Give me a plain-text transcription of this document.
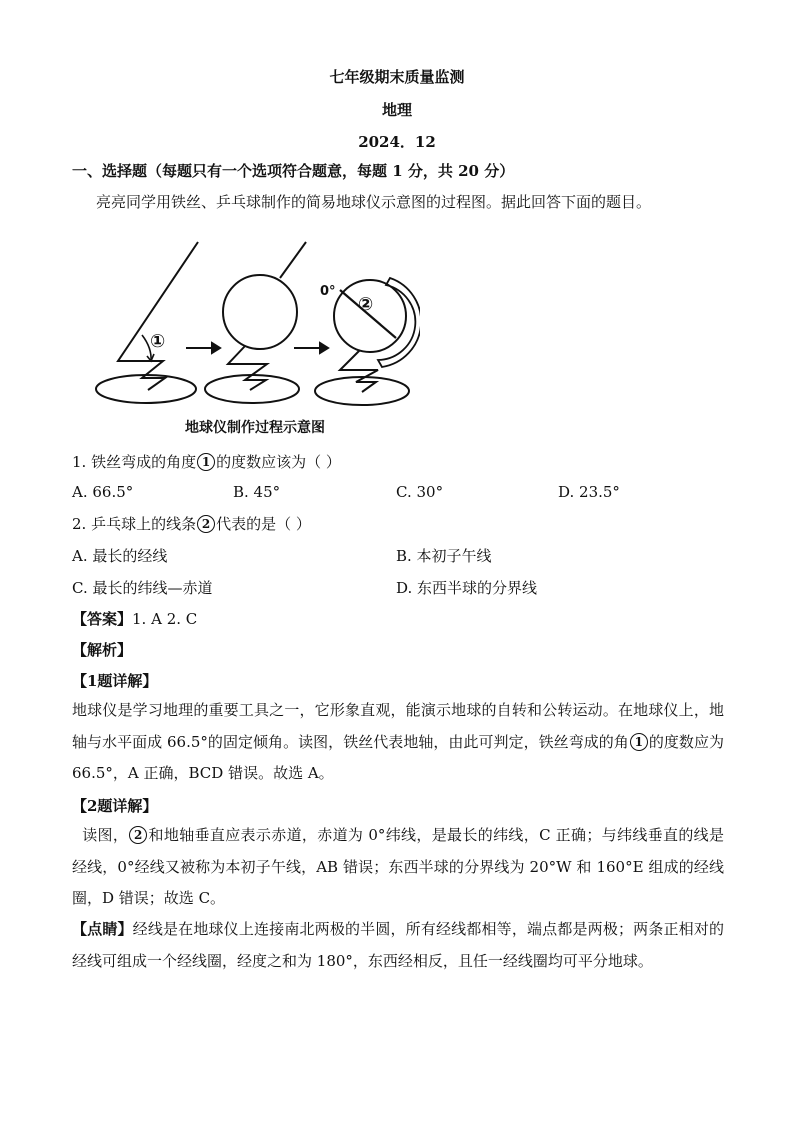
七年级期末质量监测
地理
2024．12
一、选择题（每题只有一个选项符合题意，每题 1 分，共 20 分）
亮亮同学用铁丝、乒乓球制作的简易地球仪示意图的过程图。据此回答下面的题目。
①
0°
②
地球仪制作过程示意图
1. 铁丝弯成的角度 1 的度数应该为（ ）
A. 66.5°	B. 45°	C. 30°	D. 23.5°
2. 乒乓球上的线条 2 代表的是（ ）
A. 最长的经线	B. 本初子午线
C. 最长的纬线—赤道	D. 东西半球的分界线
【答案】1. A 2. C
【解析】
【1题详解】
地球仪是学习地理的重要工具之一，它形象直观，能演示地球的自转和公转运动。在地球仪上，地轴与水平面成 66.5°的固定倾角。读图，铁丝代表地轴，由此可判定，铁丝弯成的角 1 的度数应为 66.5°，A 正确，BCD 错误。故选 A。
【2题详解】
读图， 2 和地轴垂直应表示赤道，赤道为 0°纬线，是最长的纬线，C 正确；与纬线垂直的线是经线，0°经线又被称为本初子午线，AB 错误；东西半球的分界线为 20°W 和 160°E 组成的经线圈，D 错误；故选 C。
【点睛】经线是在地球仪上连接南北两极的半圆，所有经线都相等，端点都是两极；两条正相对的经线可组成一个经线圈，经度之和为 180°，东西经相反，且任一经线圈均可平分地球。
